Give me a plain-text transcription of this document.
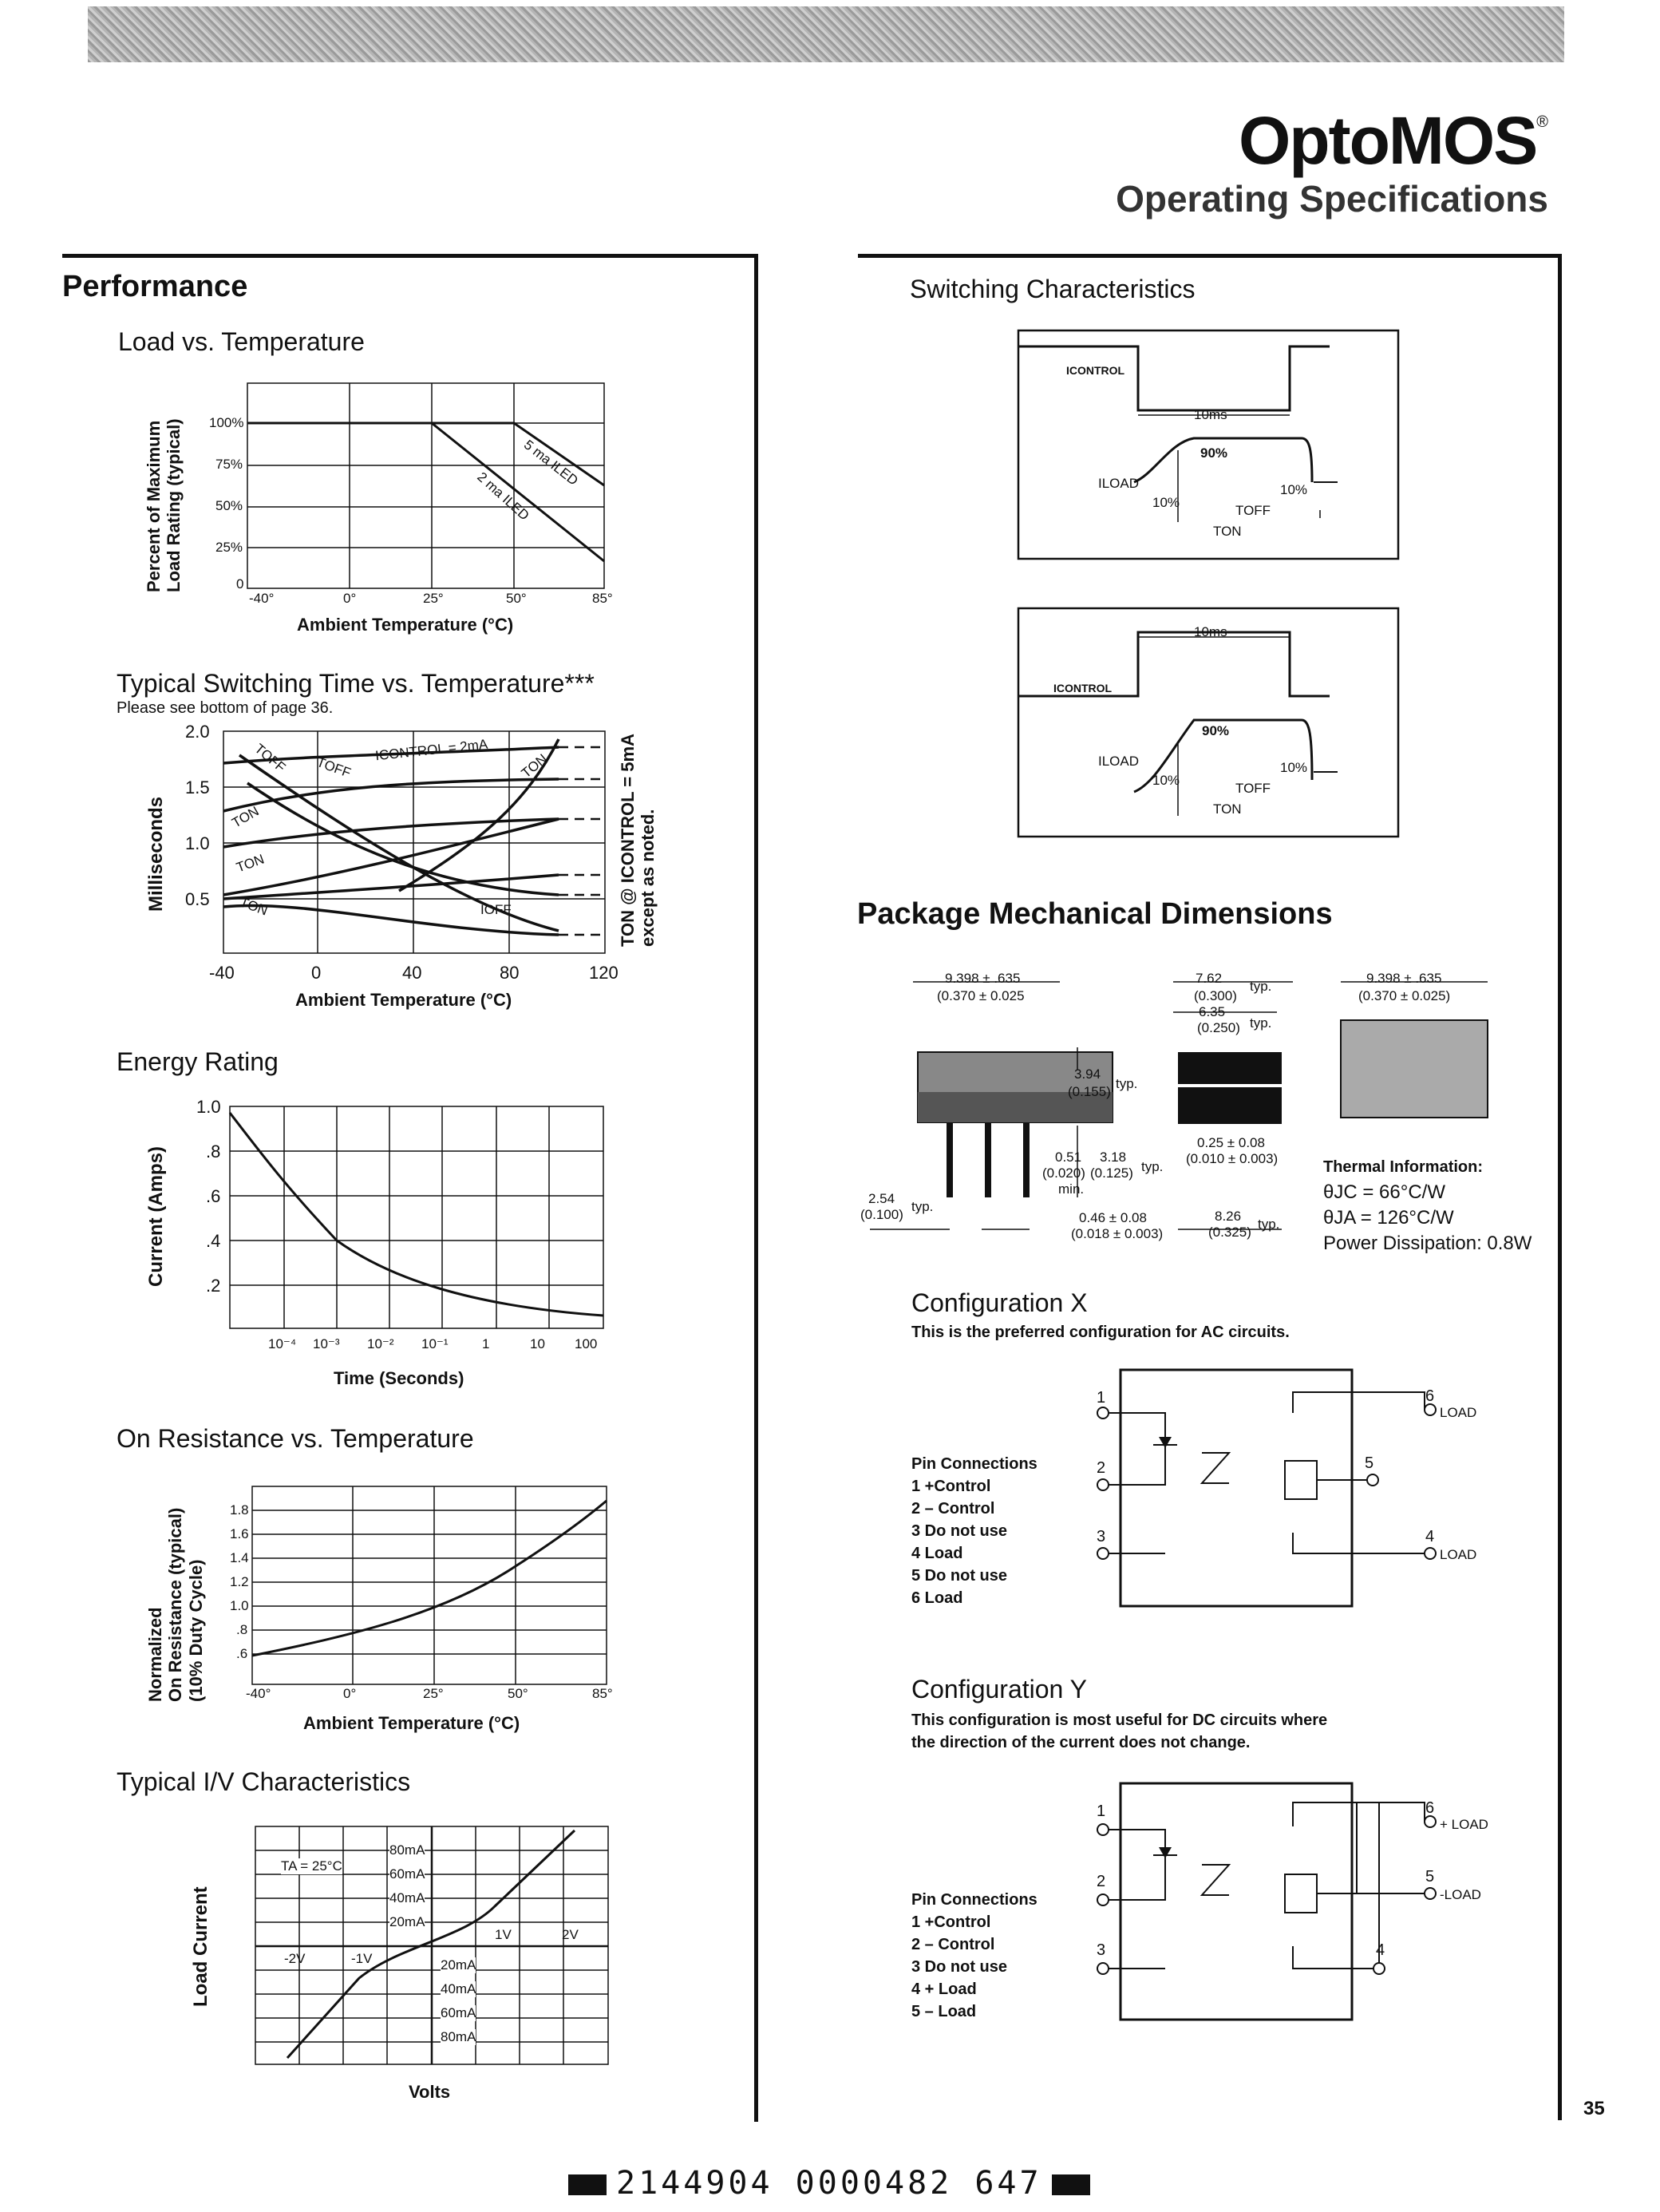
OptoMOS®
Operating Specifications
Performance
Load vs. Temperature
Percent of Maximum Load Rating (typical) 100%
75%
50%
25%
0
-40°	0°	25°	50°	85°
5 ma ILED
2 ma ILED
Ambient Temperature (°C)
Typical Switching Time vs. Temperature***
Please see bottom of page 36.
Milliseconds
2.0
1.5
1.0
0.5
-40	0	40	80	120
TOFF TOFF
ICONTROL = 2mA
TON
TON
TON
TON	IOFF	TON @ ICONTROL = 5mA except as noted.
Ambient Temperature (°C)
Energy Rating
Current (Amps)
1.0
.8
.6
.4
.2
10⁻⁴ 10⁻³ 10⁻² 10⁻¹ 1	10 100
Time (Seconds)
On Resistance vs. Temperature
Normalized On Resistance (typical) (10% Duty Cycle)
1.8
1.6
1.4
1.2
1.0
.8
.6
-40°	0°	25°	50°	85°
Ambient Temperature (°C)
Typical I/V Characteristics
Load Current
TA = 25°C
80mA
60mA
40mA
20mA
20mA
40mA
60mA
80mA
-2V	-1V
1V	2V
Volts
Switching Characteristics
ICONTROL
10ms
90%
ILOAD
10%
10%
TOFF
TON
10ms
ICONTROL
90%
ILOAD
10%
10%
TOFF
TON
Package Mechanical Dimensions
9.398 ± .635
(0.370 ± 0.025
7.62
(0.300)
typ.
6.35
(0.250) typ.
9.398 ± .635
(0.370 ± 0.025)
3.94
(0.155)
typ.
0.51 3.18
(0.020) (0.125) typ.
min.
0.25 ± 0.08
(0.010 ± 0.003)
2.54
(0.100)
typ.
0.46 ± 0.08
(0.018 ± 0.003)
8.26
(0.325)
typ.
Thermal Information:
θJC = 66°C/W
θJA = 126°C/W
Power Dissipation: 0.8W
Configuration X
This is the preferred configuration for AC circuits.
1
2
3
6
LOAD
5
4
LOAD
Pin Connections
1 +Control
2 – Control
3 Do not use
4 Load
5 Do not use
6 Load
Configuration Y
This configuration is most useful for DC circuits where
the direction of the current does not change.
1
2
3
6
+ LOAD
5
-LOAD
4
Pin Connections
1 +Control
2 – Control
3 Do not use
4 + Load
5 – Load
35
2144904 0000482 647
